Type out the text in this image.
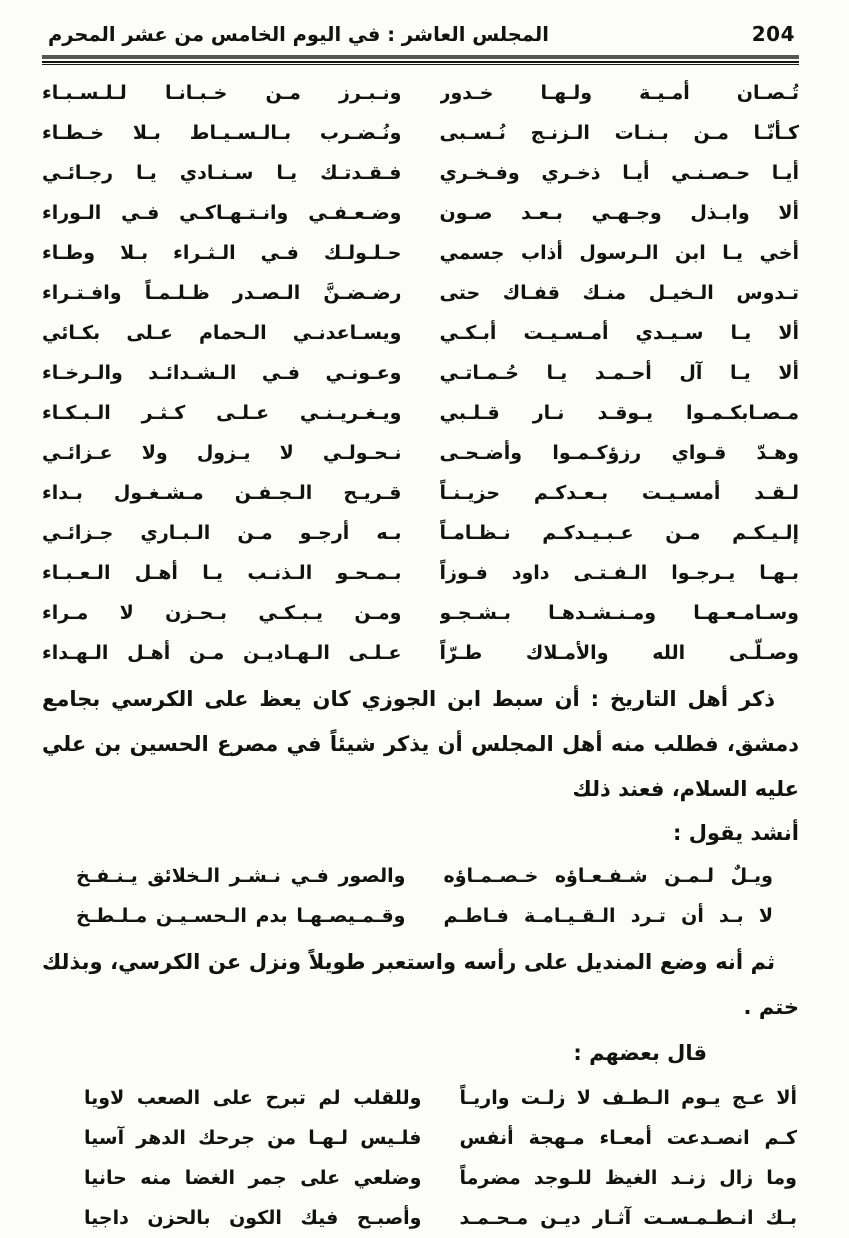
204
المجلس العاشر : في اليوم الخامس من عشر المحرم
تُـصـان أمـيـة ولـهـا خـدور
ونـبـرز مـن خـبـانـا لـلـسـبـاء
كـأنّـا مـن بـنـات الـزنـج نُـسـبى
ونُـضـرب بـالـسـيـاط بـلا خـطـاء
أيـا حـصـنـي أيـا ذخـري وفـخـري
فـقـدتـك يـا سـنـادي يـا رجـائـي
ألا وابـذل وجـهـي بـعـد صـون
وضـعـفـي وانـتـهـاكـي فـي الـوراء
أخي يـا ابن الـرسول أذاب جسمي
حـلـولـك فـي الـثـراء بـلا وطـاء
تـدوس الـخيـل منـك قفـاك حتى
رضـضـنَّ الـصـدر ظـلـمـاً وافـتـراء
ألا يـا سـيـدي أمـسـيـت أبـكـي
ويسـاعدنـي الـحمام عـلى بكـائي
ألا يـا آل أحـمـد يـا حُـمـاتـي
وعـونـي فـي الـشـدائـد والـرخـاء
مـصـابكـمـوا يـوقـد نـار قـلـبي
ويـغـريـنـي عـلـى كـثـر الـبـكـاء
وهـدّ قـواي رزؤكـمـوا وأضـحـى
نـحـولـي لا يـزول ولا عـزائـي
لـقـد أمسـيـت بـعـدكـم حزيـنـاً
قـريـح الـجـفـن مـشـغـول بـداء
إلـيـكـم مـن عـبـيـدكـم نـظـامـاً
بـه أرجـو مـن الـبـاري جـزائـي
بـهـا يـرجـوا الـفـتـى داود فـوزاً
بـمـحـو الـذنـب يـا أهـل الـعـبـاء
وسـامـعـهـا ومـنـشـدهـا بـشـجـو
ومـن يـبـكـي بـحـزن لا مـراء
وصـلّـى الله والأمـلاك طـرّاً
عـلـى الـهـاديـن مـن أهـل الـهـداء
ذكر أهل التاريخ : أن سبط ابن الجوزي كان يعظ على الكرسي بجامع دمشق، فطلب منه أهل المجلس أن يذكر شيئاً في مصرع الحسين بن علي عليه السلام، فعند ذلك
أنشد يقول :
ويـلٌ لـمـن شـفـعـاؤه خـصـمـاؤه
والصور فـي نـشـر الـخلائق يـنـفـخ
لا بـد أن تـرد الـقـيـامـة فـاطـم
وقـمـيصـهـا بدم الـحسـيـن مـلـطـخ
ثم أنه وضع المنديل على رأسه واستعبر طويلاً ونزل عن الكرسي، وبذلك ختم .
قال بعضهم :
ألا عـج يـوم الـطـف لا زلـت واريـاً
وللقلب لم تبرح على الصعب لاويا
كـم انصـدعت أمعـاء مـهجة أنفس
فلـيس لـهـا من جرحك الدهر آسيا
وما زال زنـد الغيظ للـوجد مضرماً
وضلعي على جمر الغضا منه حانيا
بـك انـطـمـسـت آثـار ديـن مـحـمـد
وأصبـح فيك الكون بالحزن داجيا
